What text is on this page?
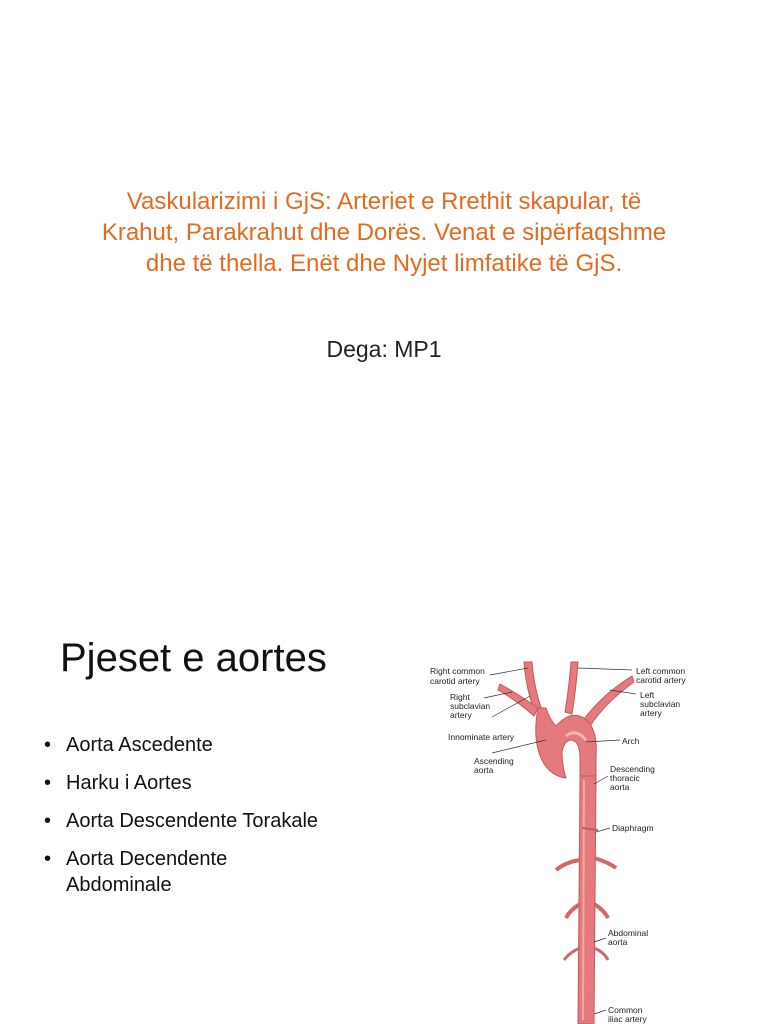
Vaskularizimi i GjS: Arteriet e Rrethit skapular, të
Krahut, Parakrahut dhe Dorës. Venat e sipërfaqshme
dhe të thella. Enët dhe Nyjet limfatike të GjS.
Dega: MP1
Pjeset e aortes
• Aorta Ascedente
• Harku i Aortes
• Aorta Descendente Torakale
• Aorta Decendente Abdominale
Right common
carotid artery
Right
subclavian
artery
Innominate artery
Ascending
aorta
Left common
carotid artery
Left
subclavian
artery
Arch
Descending
thoracic
aorta
Diaphragm
Abdominal
aorta
Common
iliac artery
